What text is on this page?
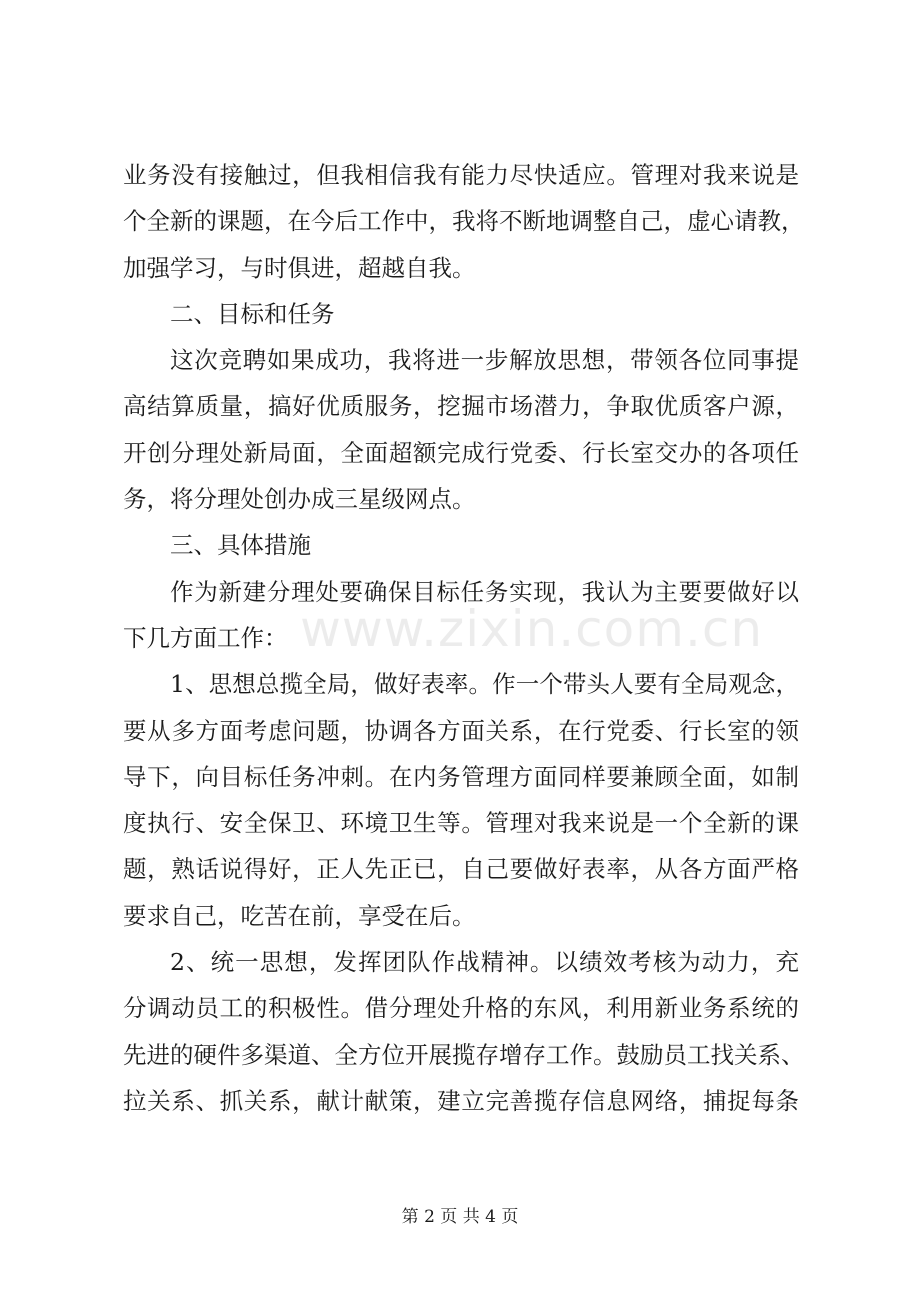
www.zixin.com.cn
业务没有接触过，但我相信我有能力尽快适应。管理对我来说是
个全新的课题，在今后工作中，我将不断地调整自己，虚心请教，
加强学习，与时俱进，超越自我。
二、目标和任务
这次竞聘如果成功，我将进一步解放思想，带领各位同事提
高结算质量，搞好优质服务，挖掘市场潜力，争取优质客户源，
开创分理处新局面，全面超额完成行党委、行长室交办的各项任
务，将分理处创办成三星级网点。
三、具体措施
作为新建分理处要确保目标任务实现，我认为主要要做好以
下几方面工作：
1、思想总揽全局，做好表率。作一个带头人要有全局观念，
要从多方面考虑问题，协调各方面关系，在行党委、行长室的领
导下，向目标任务冲刺。在内务管理方面同样要兼顾全面，如制
度执行、安全保卫、环境卫生等。管理对我来说是一个全新的课
题，熟话说得好，正人先正已，自己要做好表率，从各方面严格
要求自己，吃苦在前，享受在后。
2、统一思想，发挥团队作战精神。以绩效考核为动力，充
分调动员工的积极性。借分理处升格的东风，利用新业务系统的
先进的硬件多渠道、全方位开展揽存增存工作。鼓励员工找关系、
拉关系、抓关系，献计献策，建立完善揽存信息网络，捕捉每条
第 2 页 共 4 页
